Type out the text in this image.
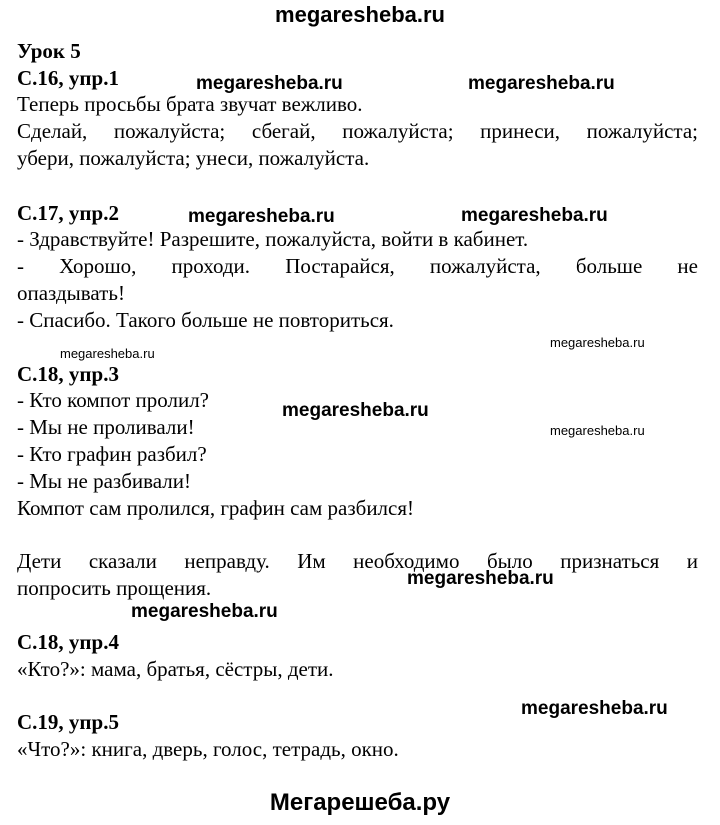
megaresheba.ru
Мегарешеба.ру
Урок 5
С.16, упр.1
Теперь просьбы брата звучат вежливо.
Сделай, пожалуйста; сбегай, пожалуйста; принеси, пожалуйста;
убери, пожалуйста; унеси, пожалуйста.
С.17, упр.2
- Здравствуйте! Разрешите, пожалуйста, войти в кабинет.
- Хорошо, проходи. Постарайся, пожалуйста, больше не
опаздывать!
- Спасибо. Такого больше не повториться.
С.18, упр.3
- Кто компот пролил?
- Мы не проливали!
- Кто графин разбил?
- Мы не разбивали!
Компот сам пролился, графин сам разбился!
Дети сказали неправду. Им необходимо было признаться и
попросить прощения.
С.18, упр.4
«Кто?»: мама, братья, сёстры, дети.
С.19, упр.5
«Что?»: книга, дверь, голос, тетрадь, окно.
megaresheba.ru	megaresheba.ru
megaresheba.ru	megaresheba.ru
megaresheba.ru
megaresheba.ru
megaresheba.ru
megaresheba.ru
megaresheba.ru
megaresheba.ru
megaresheba.ru
